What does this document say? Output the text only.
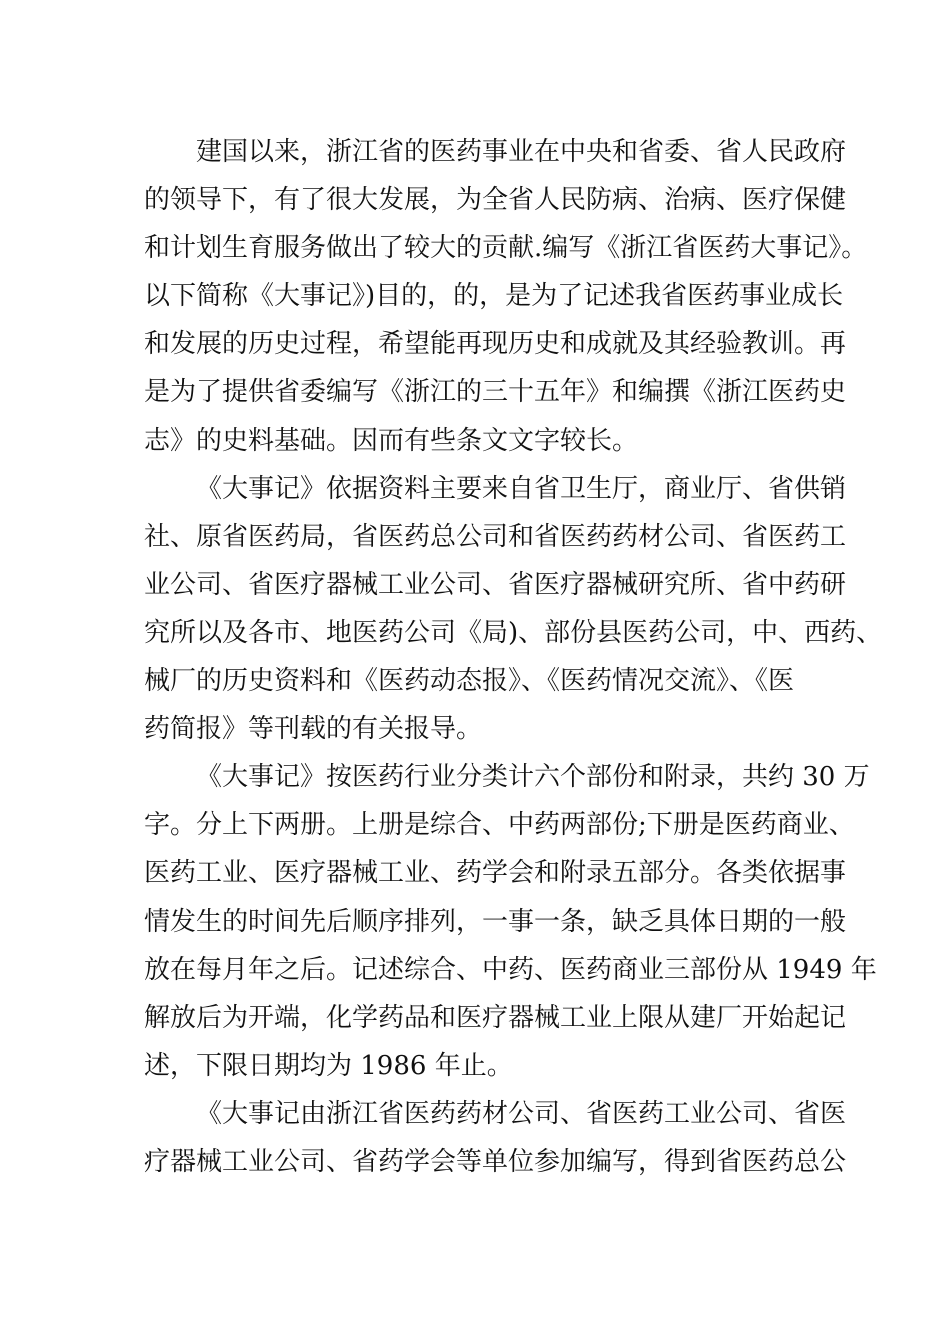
建国以来，浙江省的医药事业在中央和省委、省人民政府
的领导下，有了很大发展，为全省人民防病、治病、医疗保健
和计划生育服务做出了较大的贡献.编写《浙江省医药大事记》。
以下简称《大事记》)目的，的，是为了记述我省医药事业成长
和发展的历史过程，希望能再现历史和成就及其经验教训。再
是为了提供省委编写《浙江的三十五年》和编撰《浙江医药史
志》的史料基础。因而有些条文文字较长。

《大事记》依据资料主要来自省卫生厅，商业厅、省供销
社、原省医药局，省医药总公司和省医药药材公司、省医药工
业公司、省医疗器械工业公司、省医疗器械研究所、省中药研
究所以及各市、地医药公司《局)、部份县医药公司，中、西药、
械厂的历史资料和《医药动态报》、《医药情况交流》、《医
药简报》等刊载的有关报导。

《大事记》按医药行业分类计六个部份和附录，共约 30 万
字。分上下两册。上册是综合、中药两部份;下册是医药商业、
医药工业、医疗器械工业、药学会和附录五部分。各类依据事
情发生的时间先后顺序排列，一事一条，缺乏具体日期的一般
放在每月年之后。记述综合、中药、医药商业三部份从 1949 年
解放后为开端，化学药品和医疗器械工业上限从建厂开始起记
述，下限日期均为 1986 年止。

《大事记由浙江省医药药材公司、省医药工业公司、省医
疗器械工业公司、省药学会等单位参加编写，得到省医药总公
